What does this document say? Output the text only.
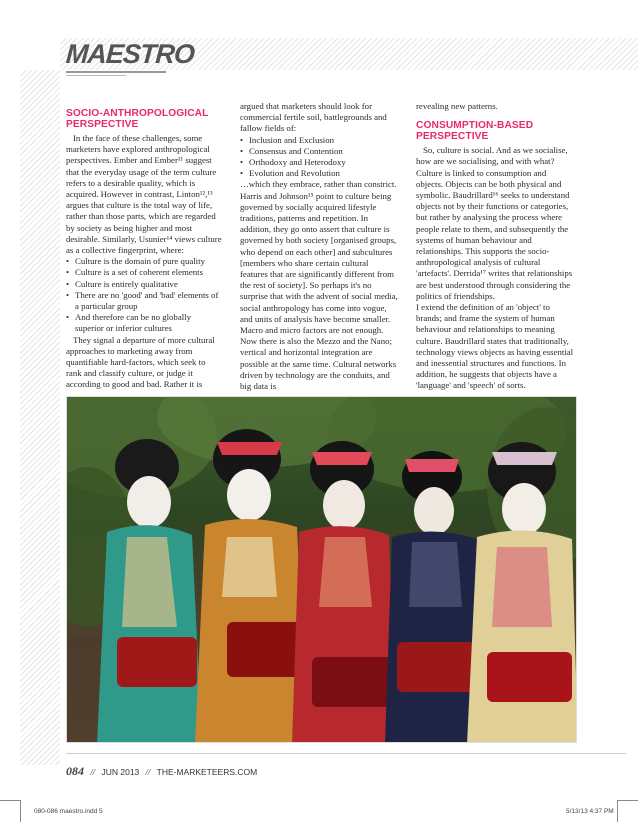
MAESTRO
SOCIO-ANTHROPOLOGICAL PERSPECTIVE

In the face of these challenges, some marketers have explored anthropological perspectives. Ember and Ember¹¹ suggest that the everyday usage of the term culture refers to a desirable quality, which is acquired. However in contrast, Linton¹²,¹³ argues that culture is the total way of life, rather than those parts, which are regarded by society as being higher and most desirable. Similarly, Usunier¹⁴ views culture as a collective fingerprint, where:

• Culture is the domain of pure quality
• Culture is a set of coherent elements
• Culture is entirely qualitative
• There are no 'good' and 'bad' elements of a particular group
• And therefore can be no globally superior or inferior cultures

They signal a departure of more cultural approaches to marketing away from quantifiable hard-factors, which seek to rank and classify culture, or judge it according to good and bad. Rather it is

argued that marketers should look for commercial fertile soil, battlegrounds and fallow fields of:

• Inclusion and Exclusion
• Consensus and Contention
• Orthodoxy and Heterodoxy
• Evolution and Revolution

…which they embrace, rather than constrict. Harris and Johnson¹⁵ point to culture being governed by socially acquired lifestyle traditions, patterns and repetition. In addition, they go onto assert that culture is governed by both society [organised groups, who depend on each other] and subcultures [members who share certain cultural features that are significantly different from the rest of society]. So perhaps it's no surprise that with the advent of social media, social anthropology has come into vogue, and units of analysis have become smaller. Macro and micro factors are not enough. Now there is also the Mezzo and the Nano; vertical and horizontal integration are possible at the same time. Cultural networks driven by technology are the conduits, and big data is

revealing new patterns.

CONSUMPTION-BASED PERSPECTIVE

So, culture is social. And as we socialise, how are we socialising, and with what? Culture is linked to consumption and objects. Objects can be both physical and symbolic. Baudrillard¹⁶ seeks to understand objects not by their functions or categories, but rather by analysing the process where people relate to them, and subsequently the systems of human behaviour and relationships. This supports the socio-anthropological analysis of cultural 'artefacts'. Derrida¹⁷ writes that relationships are best understood through considering the politics of friendships.

I extend the definition of an 'object' to brands; and frame the system of human behaviour and relationships to meaning culture. Baudrillard states that traditionally, technology views objects as having essential and inessential structures and functions. In addition, he suggests that objects have a 'language' and 'speech' of sorts.

084 // JUN 2013 // THE-MARKETEERS.COM
080-086 maestro.indd 5	5/13/13 4:37 PM
